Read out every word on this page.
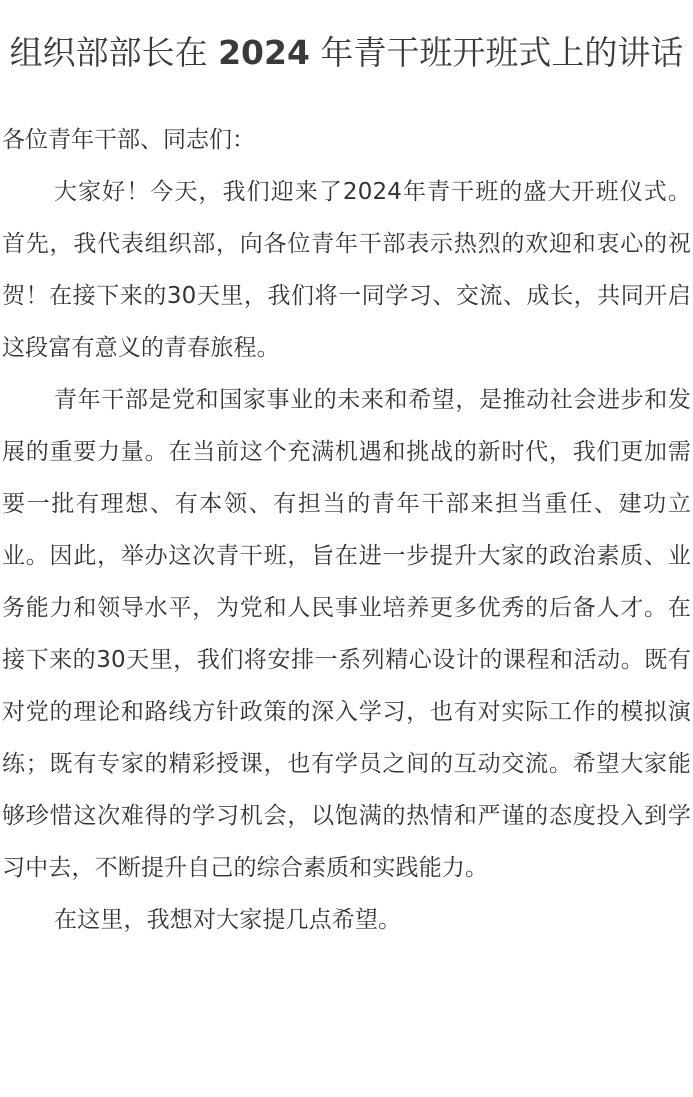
组织部部长在 2024 年青干班开班式上的讲话

各位青年干部、同志们：

大家好！今天，我们迎来了2024年青干班的盛大开班仪式。首先，我代表组织部，向各位青年干部表示热烈的欢迎和衷心的祝贺！在接下来的30天里，我们将一同学习、交流、成长，共同开启这段富有意义的青春旅程。

青年干部是党和国家事业的未来和希望，是推动社会进步和发展的重要力量。在当前这个充满机遇和挑战的新时代，我们更加需要一批有理想、有本领、有担当的青年干部来担当重任、建功立业。因此，举办这次青干班，旨在进一步提升大家的政治素质、业务能力和领导水平，为党和人民事业培养更多优秀的后备人才。在接下来的30天里，我们将安排一系列精心设计的课程和活动。既有对党的理论和路线方针政策的深入学习，也有对实际工作的模拟演练；既有专家的精彩授课，也有学员之间的互动交流。希望大家能够珍惜这次难得的学习机会，以饱满的热情和严谨的态度投入到学习中去，不断提升自己的综合素质和实践能力。

在这里，我想对大家提几点希望。
